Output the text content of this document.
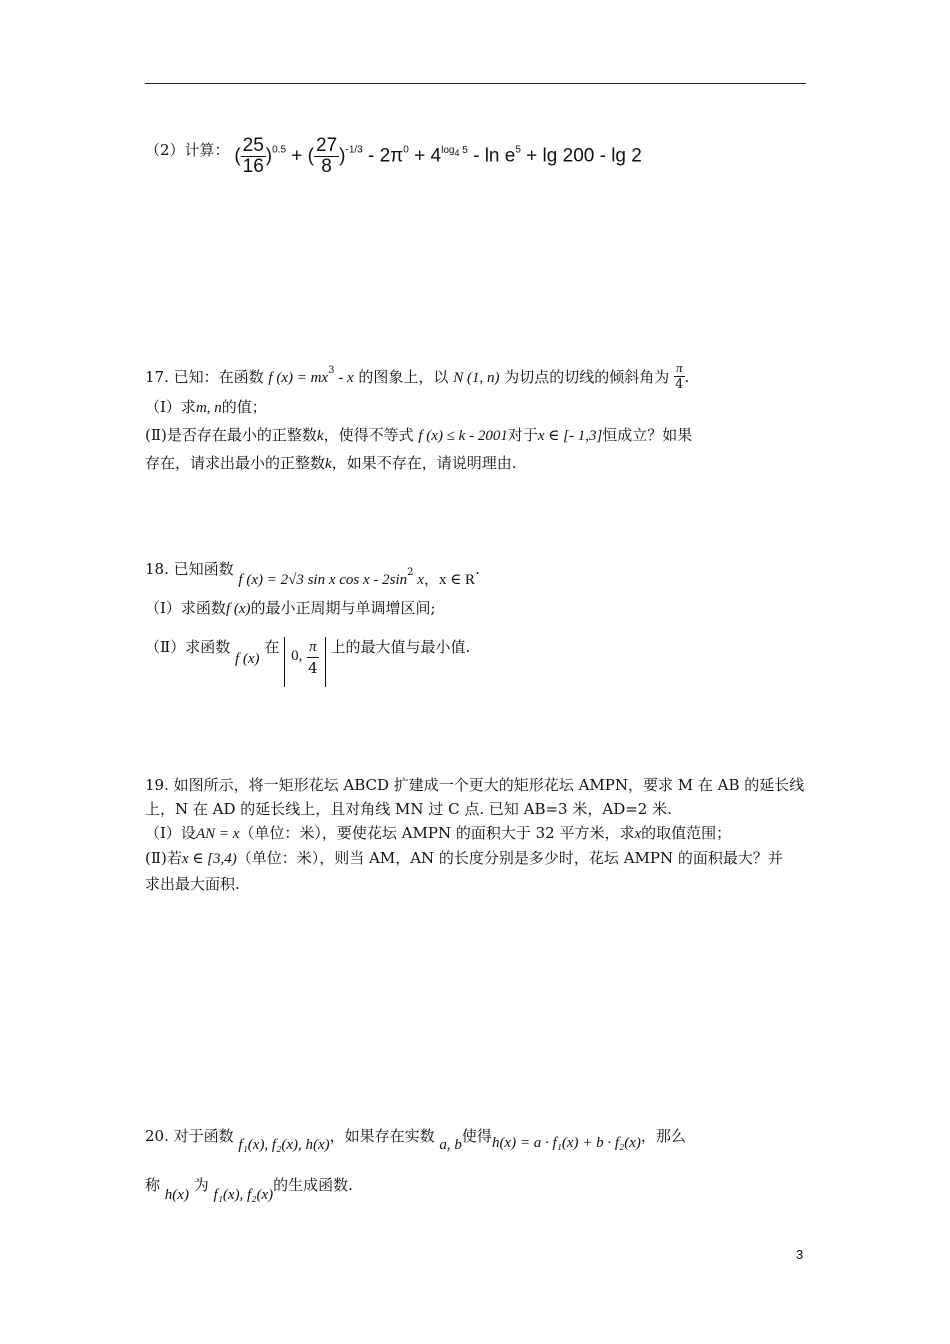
（2）计算： ( $\frac{25}{16} )^{0.5}$ + ( $\frac{27}{8} )^{-1/3} - 2\pi^0 + 4^{log4 5} - \ln e^5 + \lg 200 - \lg 2$
17. 已知：在函数 f $(x) = mx^3 - x$ 的图象上，以 N (1, n) 为切点的切线的倾斜角为 $\frac{\pi}{4}$ .
（Ⅰ）求m, n的值；
(Ⅱ)是否存在最小的正整数k，使得不等式 f (x) ≤ k - 2001对于x ∈ [- 1,3]恒成立？如果
存在，请求出最小的正整数k，如果不存在，请说明理由.
18. 已知函数 f (x) = 2√3 sin x cos x - $2\sin^2$ x，x ∈ R.
（Ⅰ）求函数f (x)的最小正周期与单调增区间;
（Ⅱ）求函数 f (x) 在 0, $\frac{\pi}{4}$ 上的最大值与最小值.
19. 如图所示，将一矩形花坛 ABCD 扩建成一个更大的矩形花坛 AMPN，要求 M 在 AB 的延长线
上，N 在 AD 的延长线上，且对角线 MN 过 C 点. 已知 AB=3 米，AD=2 米.
（Ⅰ）设AN = x（单位：米），要使花坛 AMPN 的面积大于 32 平方米，求x的取值范围；
(Ⅱ)若x ∈ [3,4)（单位：米），则当 AM，AN 的长度分别是多少时，花坛 AMPN 的面积最大？并
求出最大面积.
20. 对于函数 f₁(x), f₂(x), h(x)，如果存在实数 a, b使得h(x) = a · f₁(x) + b · f₂(x)，那么
称 h(x) 为 f₁(x), f₂(x)的生成函数.
3
